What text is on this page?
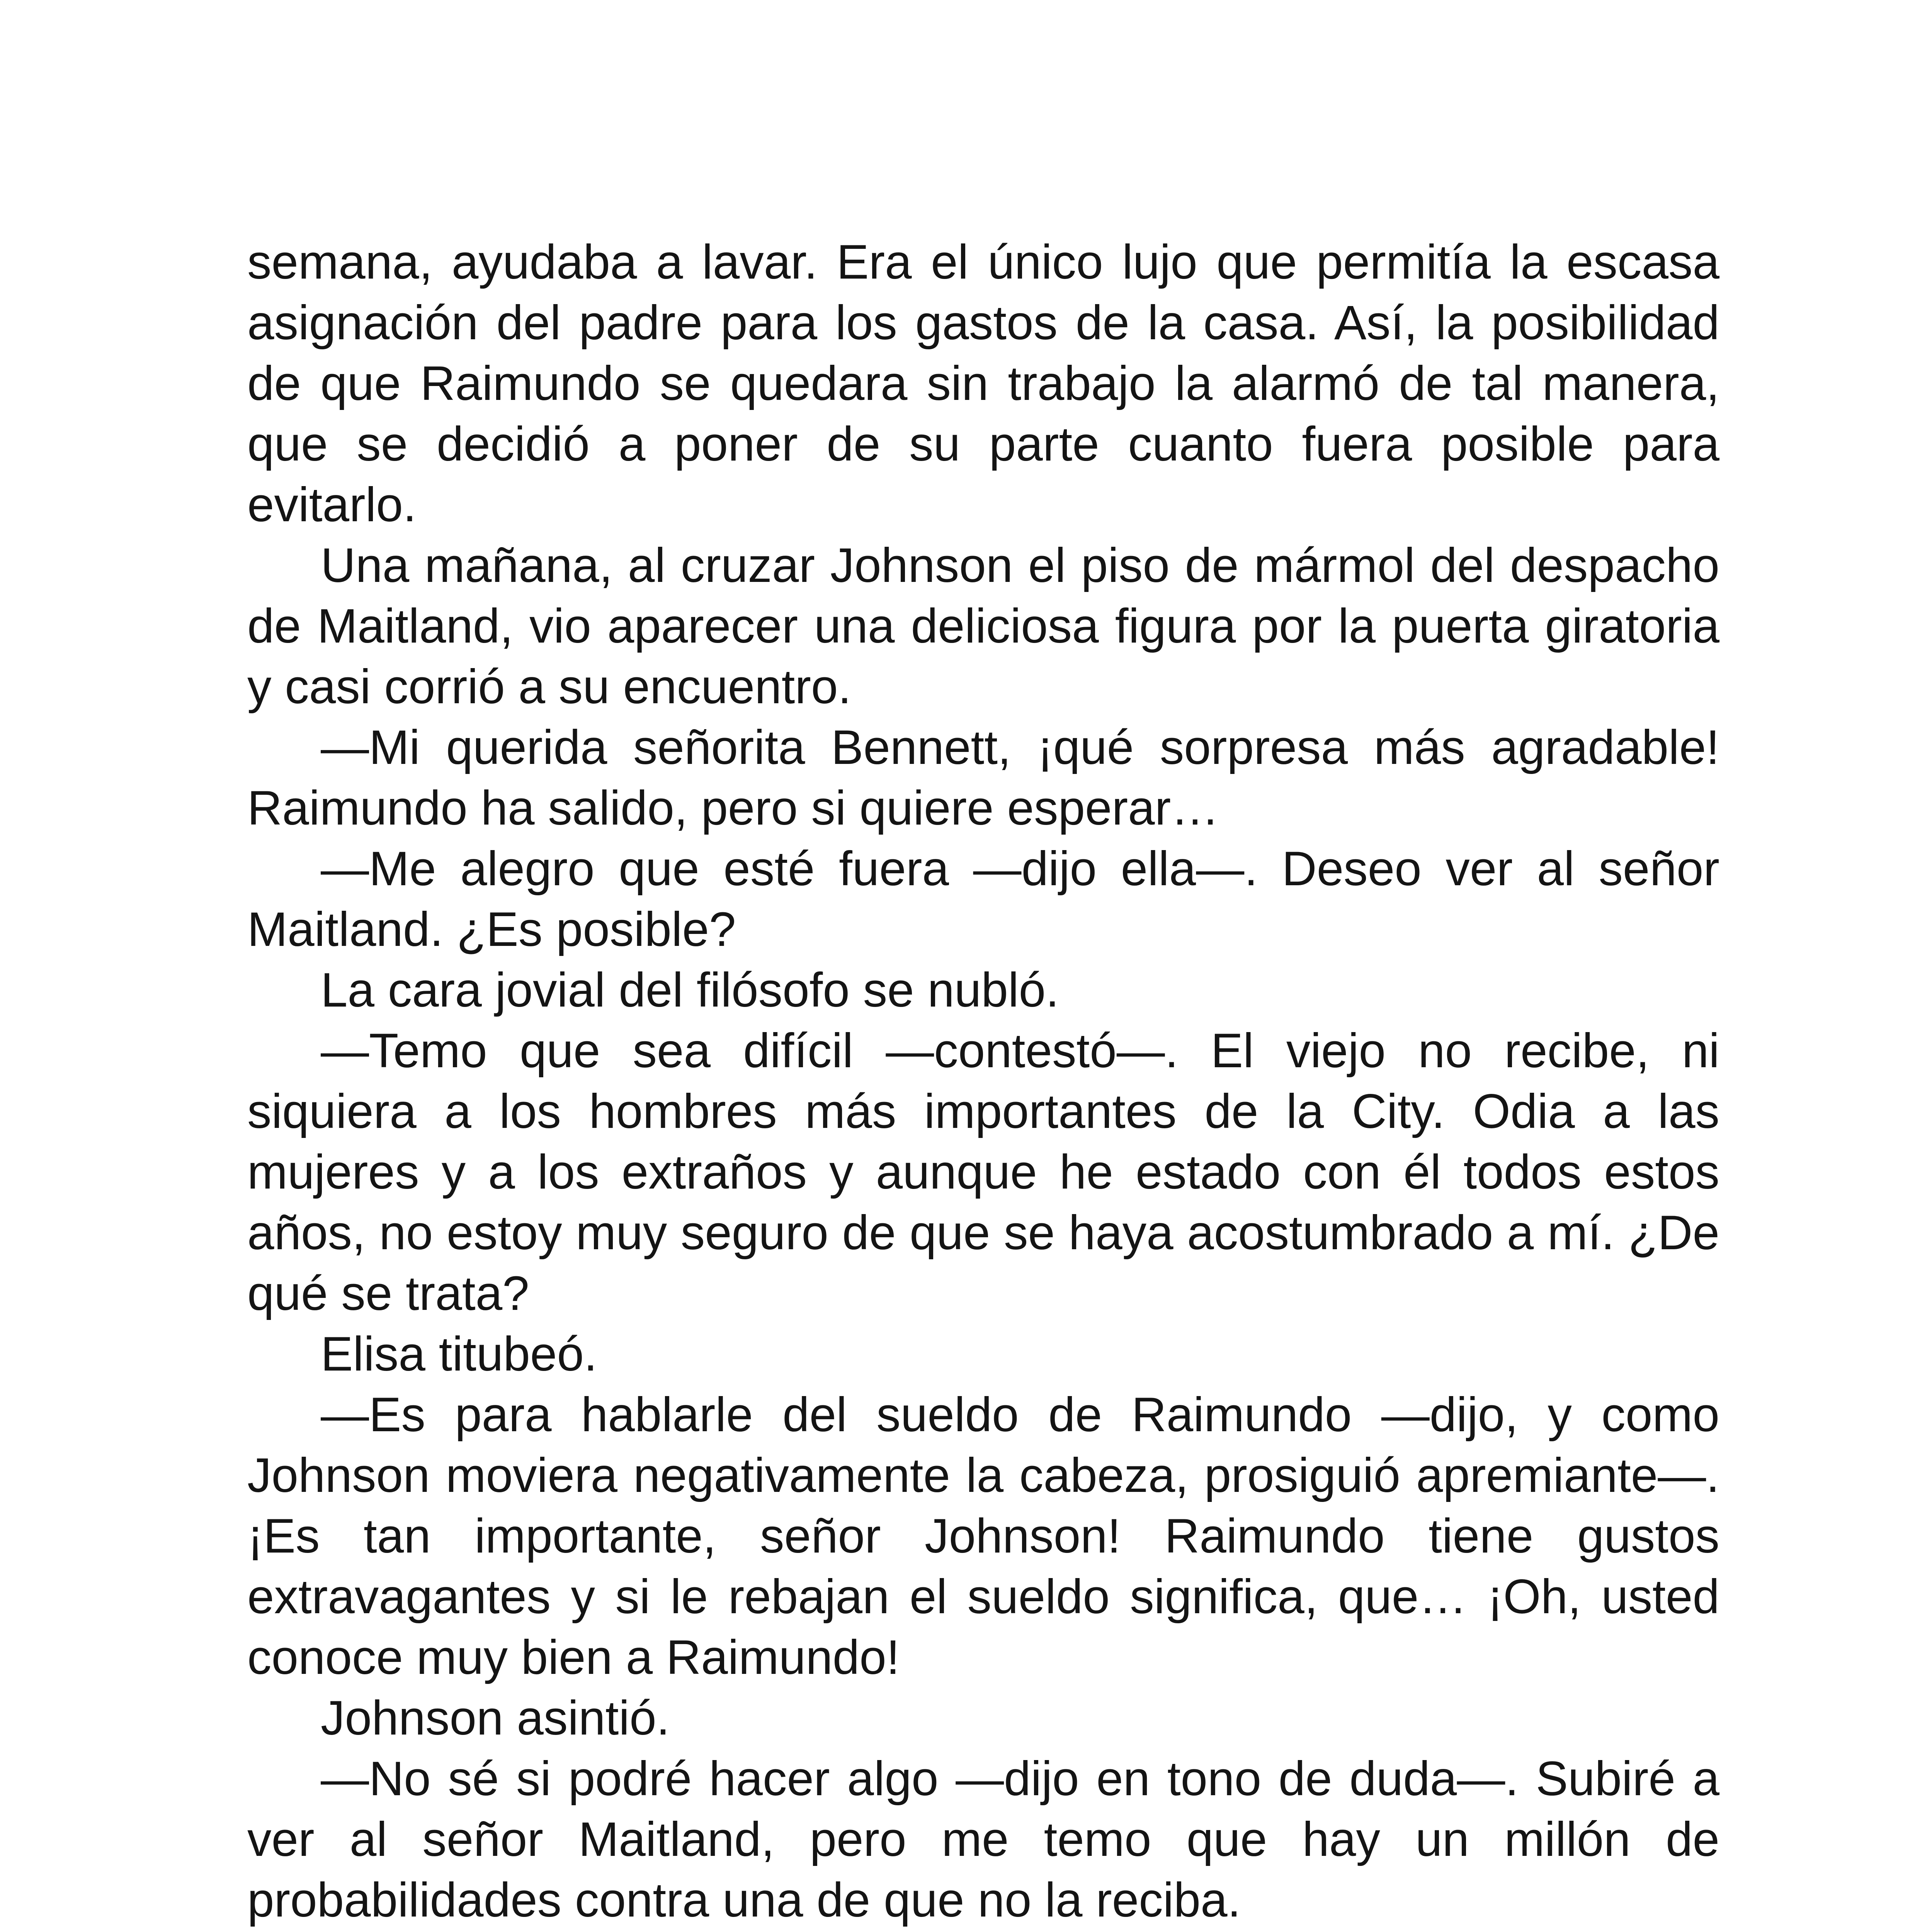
semana, ayudaba a lavar. Era el único lujo que permitía la escasa asignación del padre para los gastos de la casa. Así, la posibilidad de que Raimundo se quedara sin trabajo la alarmó de tal manera, que se decidió a poner de su parte cuanto fuera posible para evitarlo.

Una mañana, al cruzar Johnson el piso de mármol del despacho de Maitland, vio aparecer una deliciosa figura por la puerta giratoria y casi corrió a su encuentro.

—Mi querida señorita Bennett, ¡qué sorpresa más agradable! Raimundo ha salido, pero si quiere esperar…

—Me alegro que esté fuera —dijo ella—. Deseo ver al señor Maitland. ¿Es posible?

La cara jovial del filósofo se nubló.

—Temo que sea difícil —contestó—. El viejo no recibe, ni siquiera a los hombres más importantes de la City. Odia a las mujeres y a los extraños y aunque he estado con él todos estos años, no estoy muy seguro de que se haya acostumbrado a mí. ¿De qué se trata?

Elisa titubeó.

—Es para hablarle del sueldo de Raimundo —dijo, y como Johnson moviera negativamente la cabeza, prosiguió apremiante—. ¡Es tan importante, señor Johnson! Raimundo tiene gustos extravagantes y si le rebajan el sueldo significa, que… ¡Oh, usted conoce muy bien a Raimundo!

Johnson asintió.

—No sé si podré hacer algo —dijo en tono de duda—. Subiré a ver al señor Maitland, pero me temo que hay un millón de probabilidades contra una de que no la reciba.
